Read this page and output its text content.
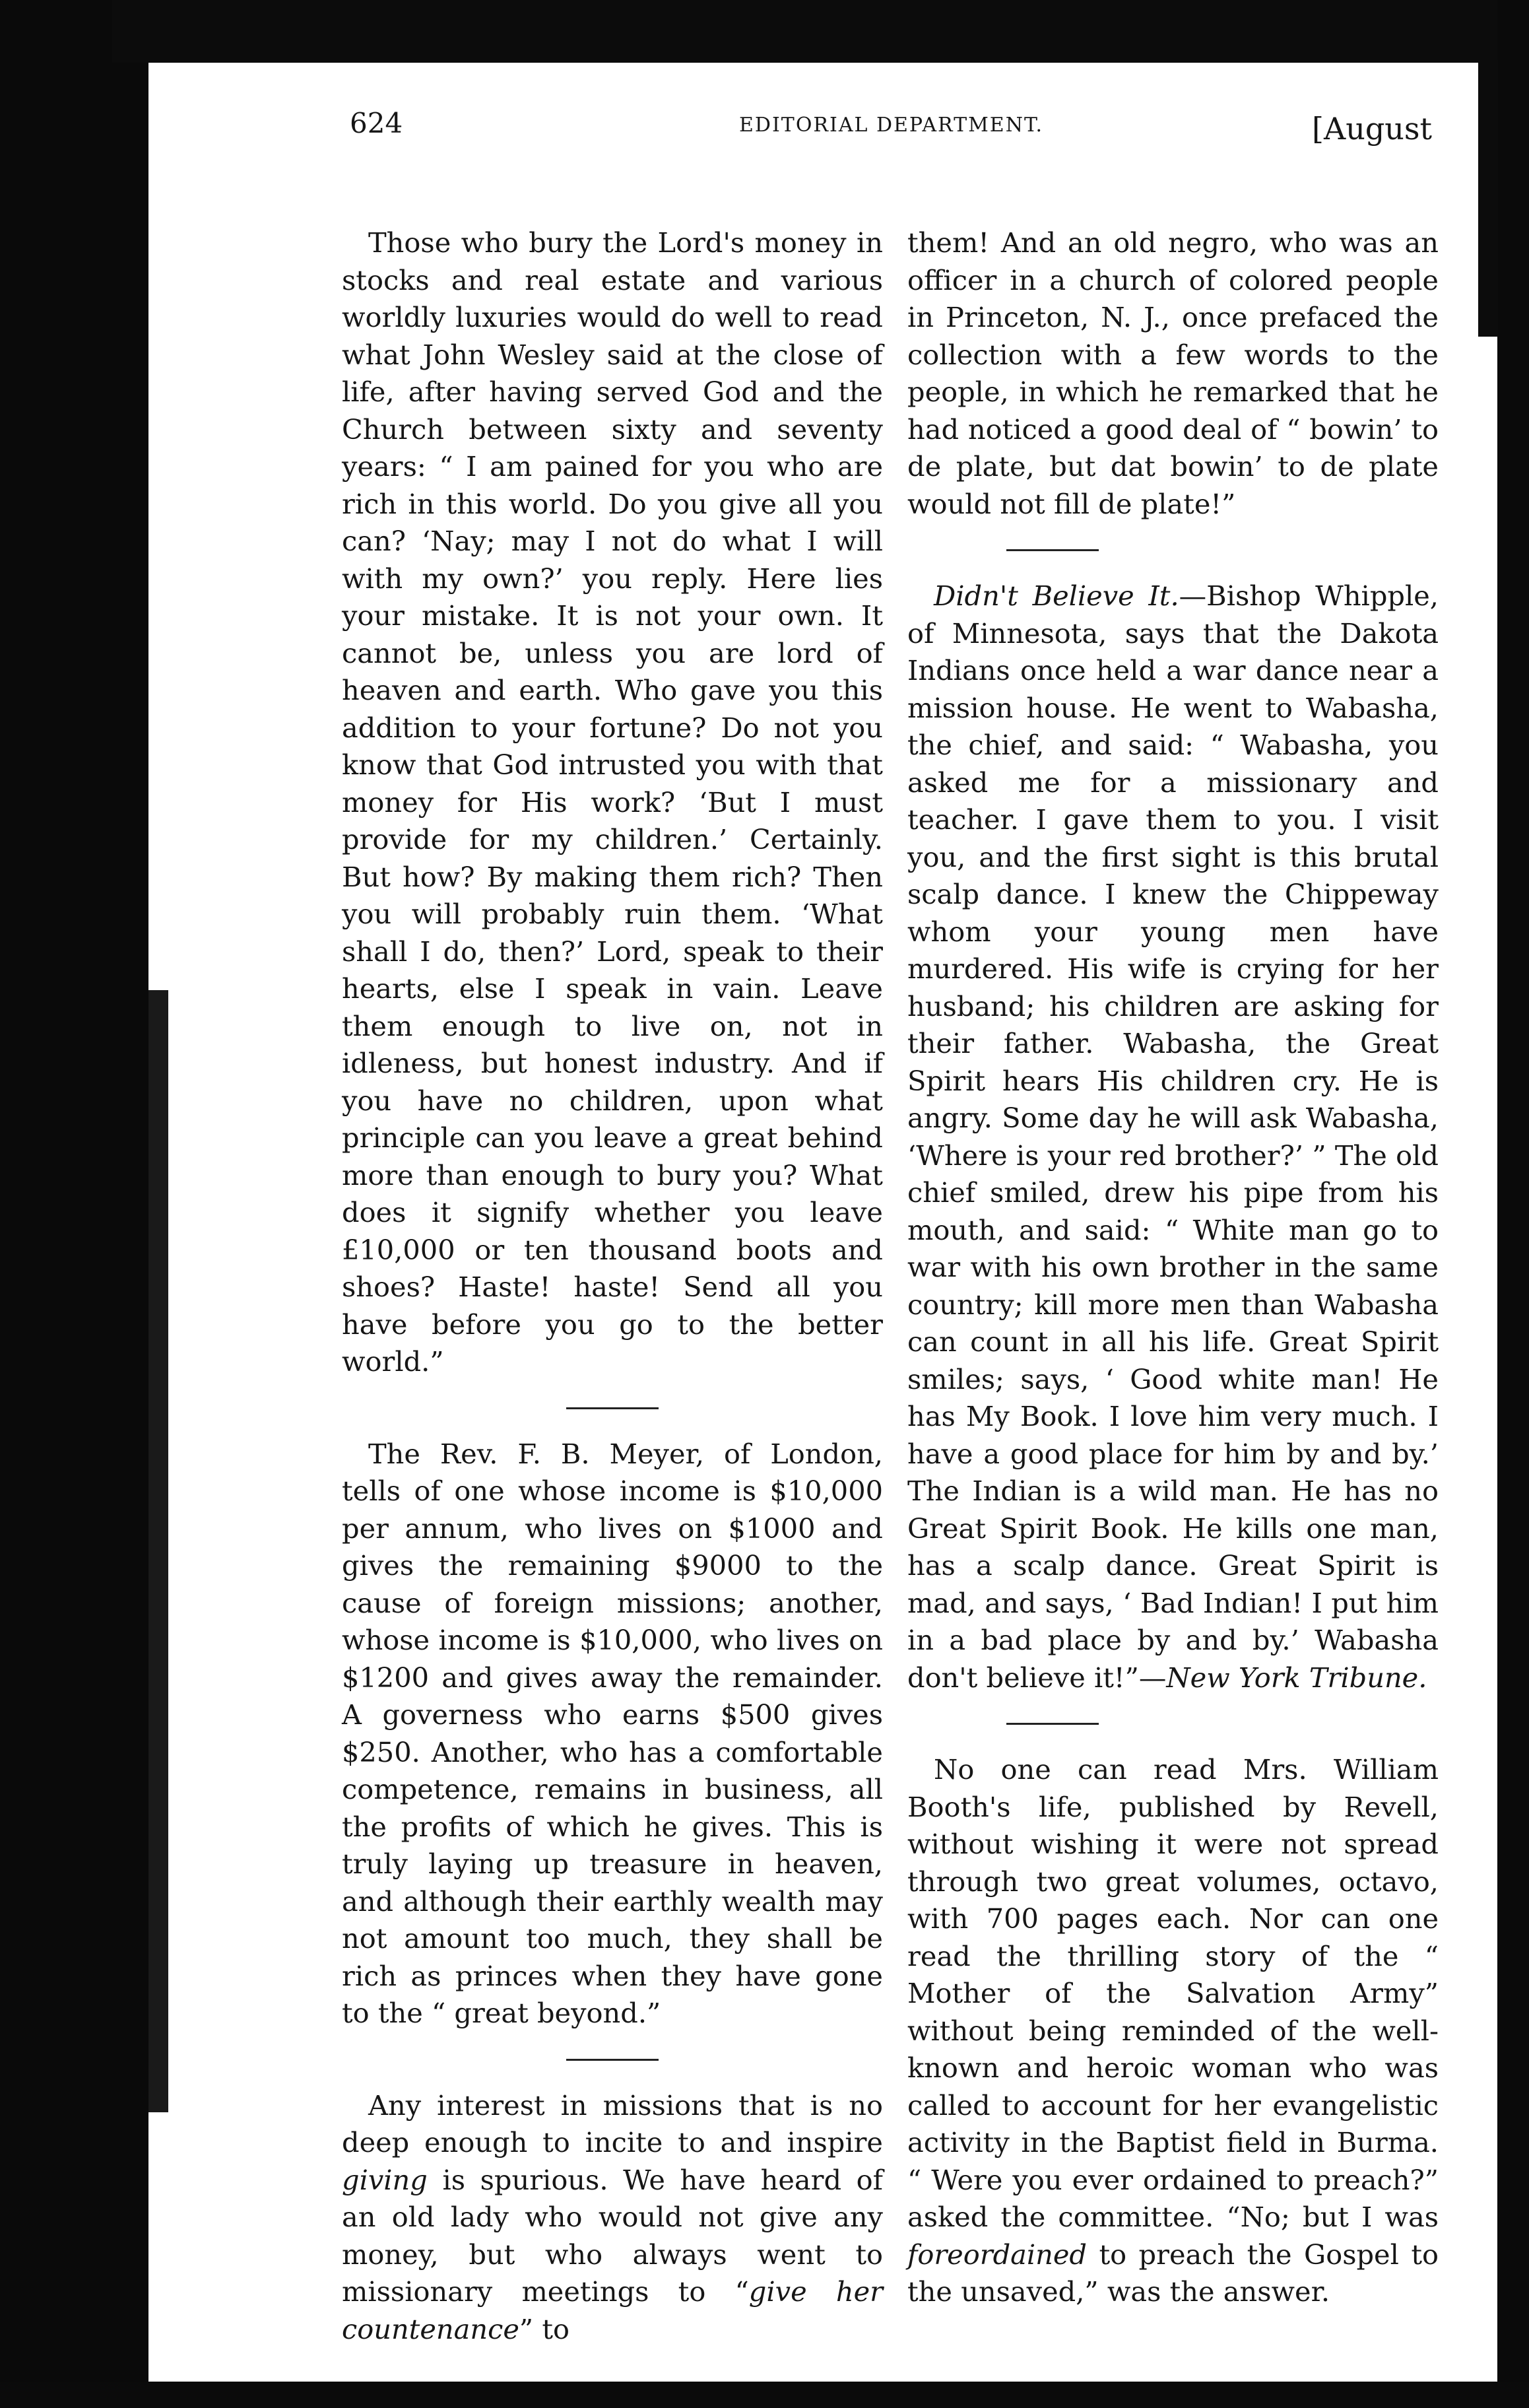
624	EDITORIAL DEPARTMENT.	[August

Those who bury the Lord's money in stocks and real estate and various worldly luxuries would do well to read what John Wesley said at the close of life, after having served God and the Church between sixty and seventy years: “ I am pained for you who are rich in this world. Do you give all you can? ‘Nay; may I not do what I will with my own?’ you reply. Here lies your mistake. It is not your own. It cannot be, unless you are lord of heaven and earth. Who gave you this addition to your fortune? Do not you know that God intrusted you with that money for His work? ‘But I must provide for my children.’ Certainly. But how? By making them rich? Then you will probably ruin them. ‘What shall I do, then?’ Lord, speak to their hearts, else I speak in vain. Leave them enough to live on, not in idleness, but honest industry. And if you have no children, upon what principle can you leave a great behind more than enough to bury you? What does it signify whether you leave £10,000 or ten thousand boots and shoes? Haste! haste! Send all you have before you go to the better world.”

The Rev. F. B. Meyer, of London, tells of one whose income is $10,000 per annum, who lives on $1000 and gives the remaining $9000 to the cause of foreign missions; another, whose income is $10,000, who lives on $1200 and gives away the remainder. A governess who earns $500 gives $250. Another, who has a comfortable competence, remains in business, all the profits of which he gives. This is truly laying up treasure in heaven, and although their earthly wealth may not amount too much, they shall be rich as princes when they have gone to the “ great beyond.”

Any interest in missions that is no deep enough to incite to and inspire giving is spurious. We have heard of an old lady who would not give any money, but who always went to missionary meetings to “give her countenance” to

them! And an old negro, who was an officer in a church of colored people in Princeton, N. J., once prefaced the collection with a few words to the people, in which he remarked that he had noticed a good deal of “ bowin’ to de plate, but dat bowin’ to de plate would not fill de plate!”

Didn't Believe It.—Bishop Whipple, of Minnesota, says that the Dakota Indians once held a war dance near a mission house. He went to Wabasha, the chief, and said: “ Wabasha, you asked me for a missionary and teacher. I gave them to you. I visit you, and the first sight is this brutal scalp dance. I knew the Chippeway whom your young men have murdered. His wife is crying for her husband; his children are asking for their father. Wabasha, the Great Spirit hears His children cry. He is angry. Some day he will ask Wabasha, ‘Where is your red brother?’ ” The old chief smiled, drew his pipe from his mouth, and said: “ White man go to war with his own brother in the same country; kill more men than Wabasha can count in all his life. Great Spirit smiles; says, ‘ Good white man! He has My Book. I love him very much. I have a good place for him by and by.’ The Indian is a wild man. He has no Great Spirit Book. He kills one man, has a scalp dance. Great Spirit is mad, and says, ‘ Bad Indian! I put him in a bad place by and by.’ Wabasha don't believe it!”—New York Tribune.

No one can read Mrs. William Booth's life, published by Revell, without wishing it were not spread through two great volumes, octavo, with 700 pages each. Nor can one read the thrilling story of the “ Mother of the Salvation Army” without being reminded of the well-known and heroic woman who was called to account for her evangelistic activity in the Baptist field in Burma. “ Were you ever ordained to preach?” asked the committee. “No; but I was foreordained to preach the Gospel to the unsaved,” was the answer.
